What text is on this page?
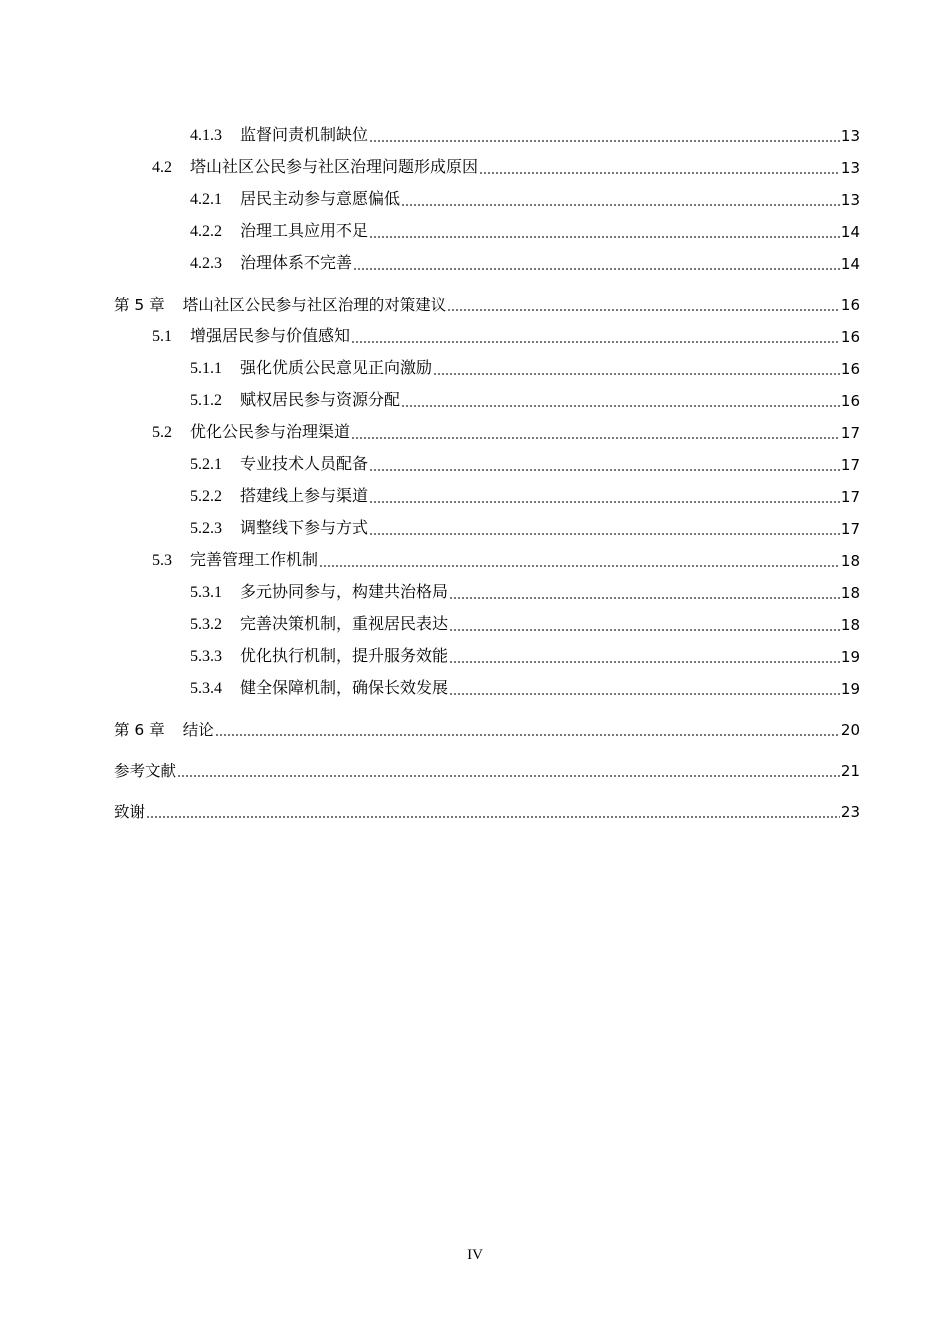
4.1.3 监督问责机制缺位	13
4.2 塔山社区公民参与社区治理问题形成原因	13
4.2.1 居民主动参与意愿偏低	13
4.2.2 治理工具应用不足	14
4.2.3 治理体系不完善	14
第 5 章 塔山社区公民参与社区治理的对策建议	16
5.1 增强居民参与价值感知	16
5.1.1 强化优质公民意见正向激励	16
5.1.2 赋权居民参与资源分配	16
5.2 优化公民参与治理渠道	17
5.2.1 专业技术人员配备	17
5.2.2 搭建线上参与渠道	17
5.2.3 调整线下参与方式	17
5.3 完善管理工作机制	18
5.3.1 多元协同参与，构建共治格局	18
5.3.2 完善决策机制，重视居民表达	18
5.3.3 优化执行机制，提升服务效能	19
5.3.4 健全保障机制，确保长效发展	19
第 6 章 结论	20
参考文献	21
致谢	23
IV
